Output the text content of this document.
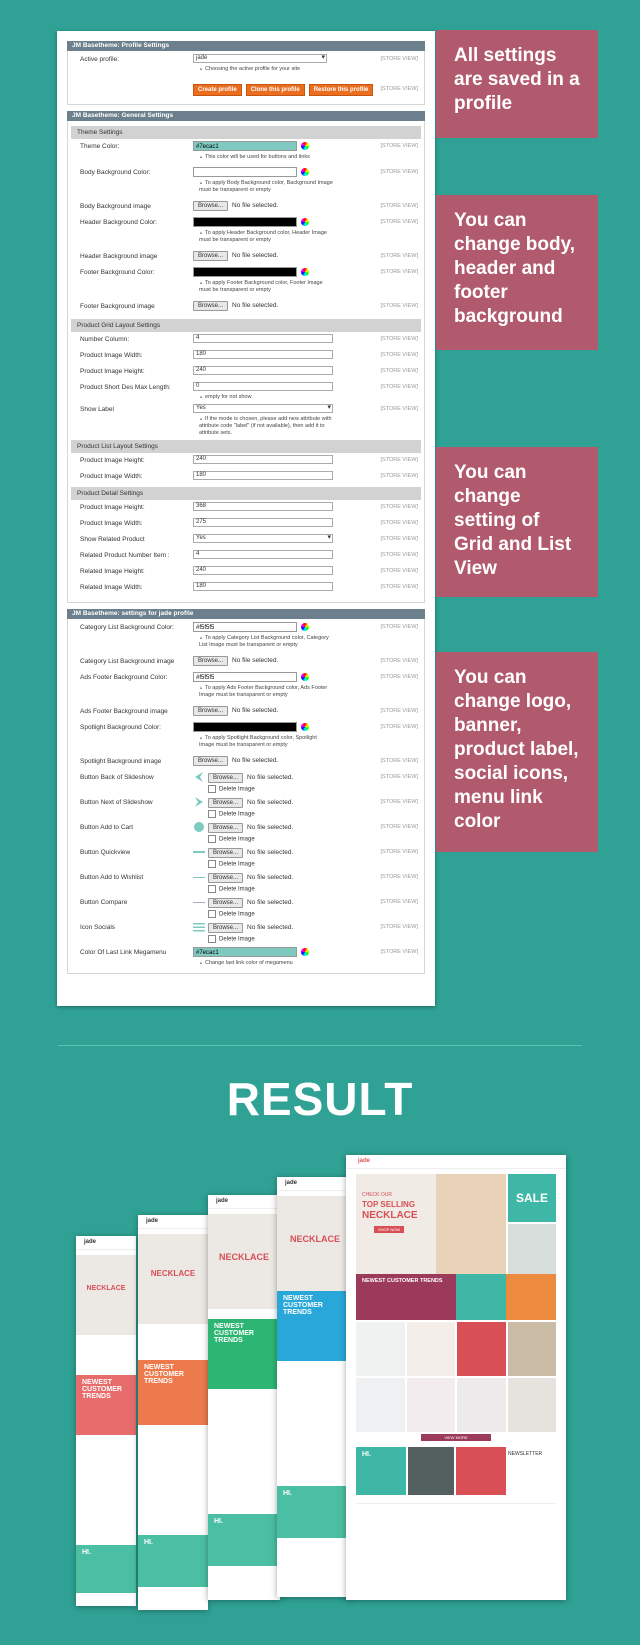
JM Basetheme: Profile Settings
Active profile:	jade ▾
▲ Choosing the active profile for your site
[STORE VIEW]
Create profile Clone this profile Restore this profile	[STORE VIEW]
JM Basetheme: General Settings
Theme Settings
Theme Color:	#7ecac1
▲ This color will be used for buttons and links
[STORE VIEW]
Body Background Color:
▲ To apply Body Background color, Background Image must be transparent or empty
[STORE VIEW]
Body Background image	Browse... No file selected.	[STORE VIEW]
Header Background Color:
▲ To apply Header Background color, Header Image must be transparent or empty
[STORE VIEW]
Header Background image	Browse... No file selected.	[STORE VIEW]
Footer Background Color:
▲ To apply Footer Background color, Footer Image must be transparent or empty
[STORE VIEW]
Footer Background image	Browse... No file selected.	[STORE VIEW]
Product Grid Layout Settings
Number Column:	4	[STORE VIEW]
Product Image Width:	180	[STORE VIEW]
Product Image Height:	240	[STORE VIEW]
Product Short Des Max Length:	0
▲ empty for not show
[STORE VIEW]
Show Label	Yes ▾
▲ If the mode is chosen, please add new attribute with attribute code "label" (if not available), then add it to attribute sets.
[STORE VIEW]
Product List Layout Settings
Product Image Height:	240	[STORE VIEW]
Product Image Width:	180	[STORE VIEW]
Product Detail Settings
Product Image Height:	368	[STORE VIEW]
Product Image Width:	275	[STORE VIEW]
Show Related Product	Yes ▾	[STORE VIEW]
Related Product Number Item :	4	[STORE VIEW]
Related Image Height:	240	[STORE VIEW]
Related Image Width:	180	[STORE VIEW]
JM Basetheme: settings for jade profile
Category List Background Color:	#f5f5f5
▲ To apply Category List Background color, Category List Image must be transparent or empty
[STORE VIEW]
Category List Background image	Browse... No file selected.	[STORE VIEW]
Ads Footer Background Color:	#f5f5f5
▲ To apply Ads Footer Background color, Ads Footer Image must be transparent or empty
[STORE VIEW]
Ads Footer Background image	Browse... No file selected.	[STORE VIEW]
Spotlight Background Color:
▲ To apply Spotlight Background color, Spotlight Image must be transparent or empty
[STORE VIEW]
Spotlight Background image	Browse... No file selected.	[STORE VIEW]
Button Back of Slideshow	Browse... No file selected.
Delete Image
[STORE VIEW]
Button Next of Slideshow	Browse... No file selected.
Delete Image
[STORE VIEW]
Button Add to Cart	Browse... No file selected.
Delete Image
[STORE VIEW]
Button Quickview	Browse... No file selected.
Delete Image
[STORE VIEW]
Button Add to Wishlist	Browse... No file selected.
Delete Image
[STORE VIEW]
Button Compare	Browse... No file selected.
Delete Image
[STORE VIEW]
Icon Socials	Browse... No file selected.
Delete Image
[STORE VIEW]
Color Of Last Link Megamenu	#7ecac1
▲ Change last link color of megamenu
[STORE VIEW]
All settings are saved in a profile
You can change body, header and footer background
You can change setting of Grid and List View
You can change logo, banner, product label, social icons, menu link color
RESULT
jade
NECKLACE
NEWEST CUSTOMER TRENDS
HI.
jade
NECKLACE
NEWEST CUSTOMER TRENDS
HI.
jade
NECKLACE
NEWEST CUSTOMER TRENDS
HI.
jade
NECKLACE
NEWEST CUSTOMER TRENDS
HI.
jade
CHECK OUR
TOP SELLING
NECKLACE
SHOP NOW
SALE
NEWEST CUSTOMER TRENDS
VIEW MORE
HI.	NEWSLETTER
